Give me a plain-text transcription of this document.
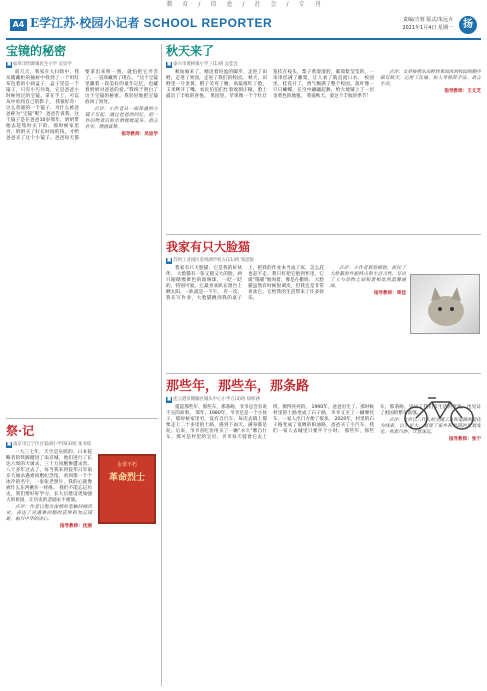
教 育 / 信 息 / 社 会 / 专 刊
A4 E学江苏·校园小记者 SCHOOL REPORTER	责编/吉蓉 版式/朱远卉
2021年1月4日 星期一	扬
宝镜的秘密
■ 如皋市明源镇民生小学 吴显学

前几天，我家在大扫除中，我从储藏柜的抽屉中找到了一个用红布包着的小圆盒子，盒子里是一个镜子，只有小巧玲珑，它是爸爸小时候用过的宝镜。拿在手上，可以从中看到自己的影子。 我很好奇：这么普通的一个镜子，为什么被爸爸称为“宝镜”呢？ 爸爸告诉我，这个镜子是在爸爸10岁那年，奶奶带他去赶集时买下的。那时候家里穷，奶奶买了好长时间的钱，才给爸爸买了这个小镜子。爸爸每天都要拿出来照一照，就怕把它弄丢了，一直珍藏到了现在。 “这个宝镜里藏着一段美好的童年记忆，也藏着奶奶对爸爸的爱。”我终于明白了这个宝镜的秘密。我轻轻地把宝镜放回了原处。

点评：小作者从一面普通的小镜子写起，通过爸爸的回忆，把一件旧物背后的亲情娓娓道来，语言朴实，情感真挚。

指导教师：吴显学

祭·记
■ 南京市江宁区百家湖小学四(3)班 张书琦

一九三七年，天空是灰暗的，日本侵略者的铁蹄踏进了南京城，他们进行了长达六周的大屠杀，三十万同胞惨遭杀害。 八十多年过去了，每当我来到侵华日军南京大屠杀遇难同胞纪念馆，看到那一个个冰冷的名字，一张张老照片，我的心就像被什么东西揪住一样疼。 我们不能忘记历史，我们要好好学习，长大后建设更加强大的祖国，让历史的悲剧永不重演。

点评：作者以饱含深情的笔触回顾历史，表达了对遇难同胞的哀悼和勿忘国耻、振兴中华的决心。

指导教师：沈丽

永垂不朽
革命烈士
秋天来了
■ 泰兴市黄桥镇小学三(1)班 吴佳宜

秋姑娘来了，她迈着轻盈的脚步，走进了田野，走进了果园，走进了我们的校园。 秋天，田野里一片金黄，稻子笑弯了腰，高粱涨红了脸，玉米咧开了嘴。农民伯伯们忙着收割庄稼，脸上露出了丰收的喜悦。 果园里，苹果像一个个红灯笼挂在枝头，梨子黄澄澄的，葡萄紫莹莹的，一串串挂满了藤架，让人看了就直流口水。 校园里，桂花开了，香气飘满了整个校园。落叶像一只只蝴蝶，在空中翩翩起舞，给大地铺上了一层金黄色的地毯。 我爱秋天，爱这个丰收的季节！

点评：文章按照从田野到果园再到校园的顺序描写秋天，运用了比喻、拟人等修辞手法，语言生动。

指导教师：王文芝

我家有只大脸猫
■ 苏州工业园区金鸡湖学校五(11)班 邹思悦

我家有只大脸猫，它是我的好伙伴。 大脸猫有一张又圆又大的脸，两只眼睛像黄色的玻璃球，一眨一眨的，特别可爱。它最喜欢趴在窗台上晒太阳，一趴就是一下午。 有一次，我在写作业，大脸猫跳到我的桌子上，把我的作业本当成了床，怎么赶也赶不走。我只好把它抱到怀里，它就“喵喵”地叫着，像是在撒娇。 大脸猫虽然有时候很调皮，但我还是非常喜欢它，它给我的生活带来了许多快乐。

点评：小作者观察细致，抓住了大脸猫的外貌特点和生活习性，写出了人与动物之间和谐相处的温馨画面。

指导教师：周佳

那些年，那些车，那条路
■ 连云港市赣榆区城头中心小学五(3)班 徐梓涵

提起那些年、那些车，那条路，爷爷总会有说不完的故事。 那年，1980年，爷爷还是一个小伙子，那时候家里穷，没有自行车，每次去镇上都要走上二十多里的土路，遇到下雨天，满身都是泥。后来，爷爷省吃俭用买了一辆“永久”牌自行车，那可是村里的宝贝，爷爷每天骑着它去上班，擦得亮亮的。 1990年，爸爸出生了。那时候村里的土路变成了石子路，爷爷又买了一辆摩托车，一家人出门方便了很多。 2020年，村里的石子路变成了宽阔的柏油路，爸爸买了小汽车，我们一家人去城里只要半个小时。 那些年，那些车，那条路，见证了我们家生活的变化，也见证了祖国的繁荣富强。

点评：文章以三代人的交通工具和道路的变化为线索，以小见大，展现了家乡和祖国的发展变化，构思巧妙，立意深远。

指导教师：张宁
